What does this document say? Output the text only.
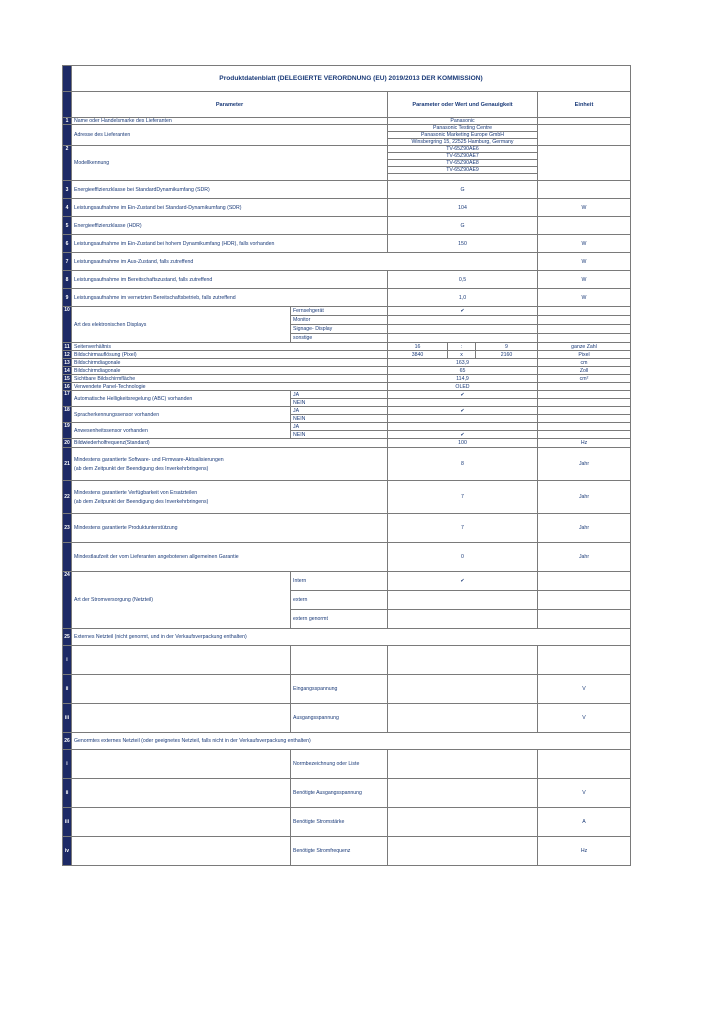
	Produktdatenblatt (DELEGIERTE VERORDNUNG (EU) 2019/2013 DER KOMMISSION)					
	Parameter		Parameter oder Wert und Genauigkeit			Einheit
1	Name oder Handelsmarke des Lieferanten		Panasonic			
	Adresse des Lieferanten		Panasonic Testing Centre			
			Panasonic Marketing Europe GmbH			
			Winsbergring 15, 22525 Hamburg, Germany			
2	Modellkennung		TV-65Z90AE6			
			TV-65Z90AE7			
			TV-65Z90AE8			
			TV-65Z90AE9			

3	Energieeffizienzklasse bei StandardDynamikumfang (SDR)		G			
4	Leistungsaufnahme im Ein-Zustand bei Standard-Dynamikumfang (SDR)		104			W
5	Energieeffizienzklasse (HDR)		G			
6	Leistungsaufnahme im Ein-Zustand bei hohem Dynamikumfang (HDR), falls vorhanden		150			W
7	Leistungsaufnahme im Aus-Zustand, falls zutreffend					W
8	Leistungsaufnahme im Bereitschaftszustand, falls zutreffend		0,5			W
9	Leistungsaufnahme im vernetzten Bereitschaftsbetrieb, falls zutreffend		1,0			W
10	Art des elektronischen Displays	Fernsehgerät	✔			
		Monitor				
		Signage- Display				
		sonstige				
11	Seitenverhältnis		16	:	9	ganze Zahl
12	Bildschirmauflösung (Pixel)		3840	x	2160	Pixel
13	Bildschirmdiagonale		163,9			cm
14	Bildschirmdiagonale		65			Zoll
15	Sichtbare Bildschirmfläche		114,9			cm²
16	Verwendete Panel-Technologie		OLED			
17	Automatische Helligkeitsregelung (ABC) vorhanden	JA	✔			
		NEIN				
18	Spracherkennungssensor vorhanden	JA	✔			
		NEIN				
19	Anwesenheitssensor vorhanden	JA				
		NEIN	✔			
20	Bildwiederholfrequenz(Standard)		100			Hz
21	Mindestens garantierte Software- und Firmware-Aktualisierungen
(ab dem Zeitpunkt der Beendigung des Inverkehrbringens)		8			Jahr
22	Mindestens garantierte Verfügbarkeit von Ersatzteilen
(ab dem Zeitpunkt der Beendigung des Inverkehrbringens)		7			Jahr
23	Mindestens garantierte Produktunterstützung		7			Jahr
	Mindestlaufzeit der vom Lieferanten angebotenen allgemeinen Garantie		0			Jahr
24	Art der Stromversorgung (Netzteil)	Intern	✔			
		extern				
		extern genormt				
25	Externes Netzteil (nicht genormt, und in der Verkaufsverpackung enthalten)					
i						
ii		Eingangsspannung				V
iii		Ausgangsspannung				V
26	Genormtes externes Netzteil (oder geeignetes Netzteil, falls nicht in der Verkaufsverpackung enthalten)					
i		Normbezeichnung oder Liste				
ii		Benötigte Ausgangsspannung				V
iii		Benötigte Stromstärke				A
iv		Benötigte Stromfrequenz				Hz
